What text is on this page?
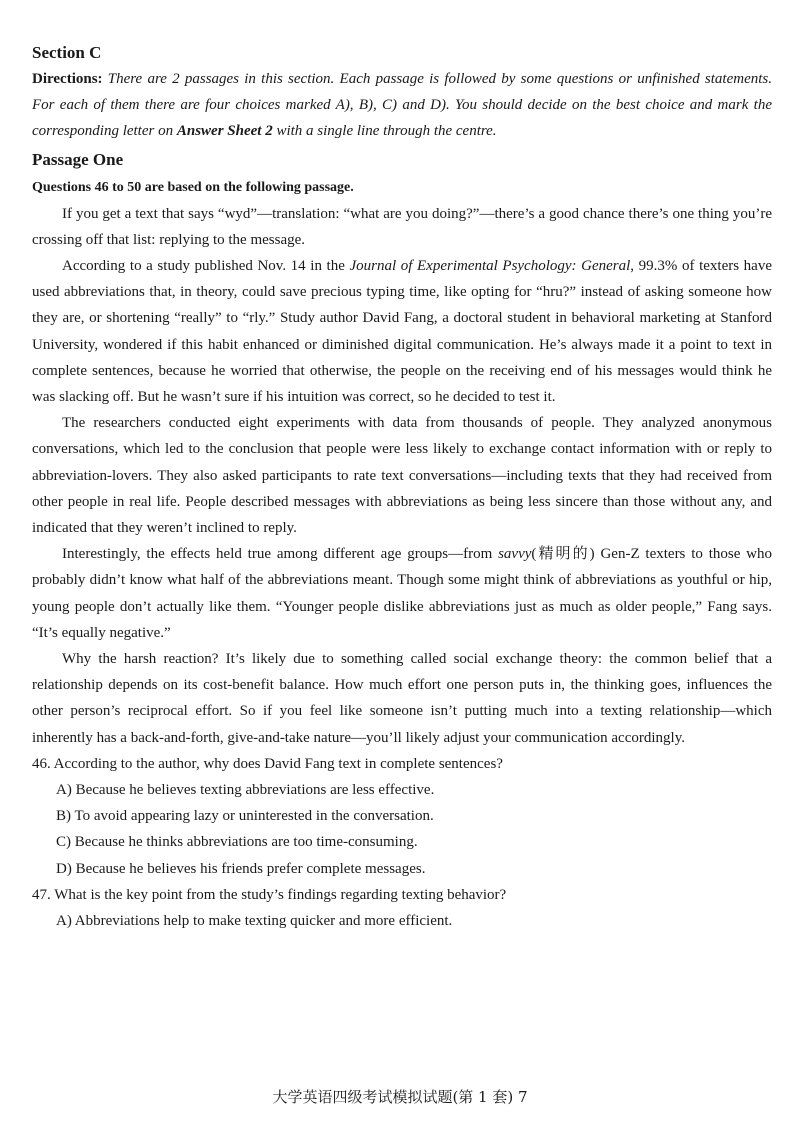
Section C

Directions: There are 2 passages in this section. Each passage is followed by some questions or unfinished statements. For each of them there are four choices marked A), B), C) and D). You should decide on the best choice and mark the corresponding letter on Answer Sheet 2 with a single line through the centre.

Passage One

Questions 46 to 50 are based on the following passage.

If you get a text that says “wyd”—translation: “what are you doing?”—there’s a good chance there’s one thing you’re crossing off that list: replying to the message.

According to a study published Nov. 14 in the Journal of Experimental Psychology: General, 99.3% of texters have used abbreviations that, in theory, could save precious typing time, like opting for “hru?” instead of asking someone how they are, or shortening “really” to “rly.” Study author David Fang, a doctoral student in behavioral marketing at Stanford University, wondered if this habit enhanced or diminished digital communication. He’s always made it a point to text in complete sentences, because he worried that otherwise, the people on the receiving end of his messages would think he was slacking off. But he wasn’t sure if his intuition was correct, so he decided to test it.

The researchers conducted eight experiments with data from thousands of people. They analyzed anonymous conversations, which led to the conclusion that people were less likely to exchange contact information with or reply to abbreviation-lovers. They also asked participants to rate text conversations—including texts that they had received from other people in real life. People described messages with abbreviations as being less sincere than those without any, and indicated that they weren’t inclined to reply.

Interestingly, the effects held true among different age groups—from savvy(精明的) Gen-Z texters to those who probably didn’t know what half of the abbreviations meant. Though some might think of abbreviations as youthful or hip, young people don’t actually like them. “Younger people dislike abbreviations just as much as older people,” Fang says. “It’s equally negative.”

Why the harsh reaction? It’s likely due to something called social exchange theory: the common belief that a relationship depends on its cost-benefit balance. How much effort one person puts in, the thinking goes, influences the other person’s reciprocal effort. So if you feel like someone isn’t putting much into a texting relationship—which inherently has a back-and-forth, give-and-take nature—you’ll likely adjust your communication accordingly.

46. According to the author, why does David Fang text in complete sentences?

A) Because he believes texting abbreviations are less effective.

B) To avoid appearing lazy or uninterested in the conversation.

C) Because he thinks abbreviations are too time-consuming.

D) Because he believes his friends prefer complete messages.

47. What is the key point from the study’s findings regarding texting behavior?

A) Abbreviations help to make texting quicker and more efficient.

大学英语四级考试模拟试题(第 1 套) 7
